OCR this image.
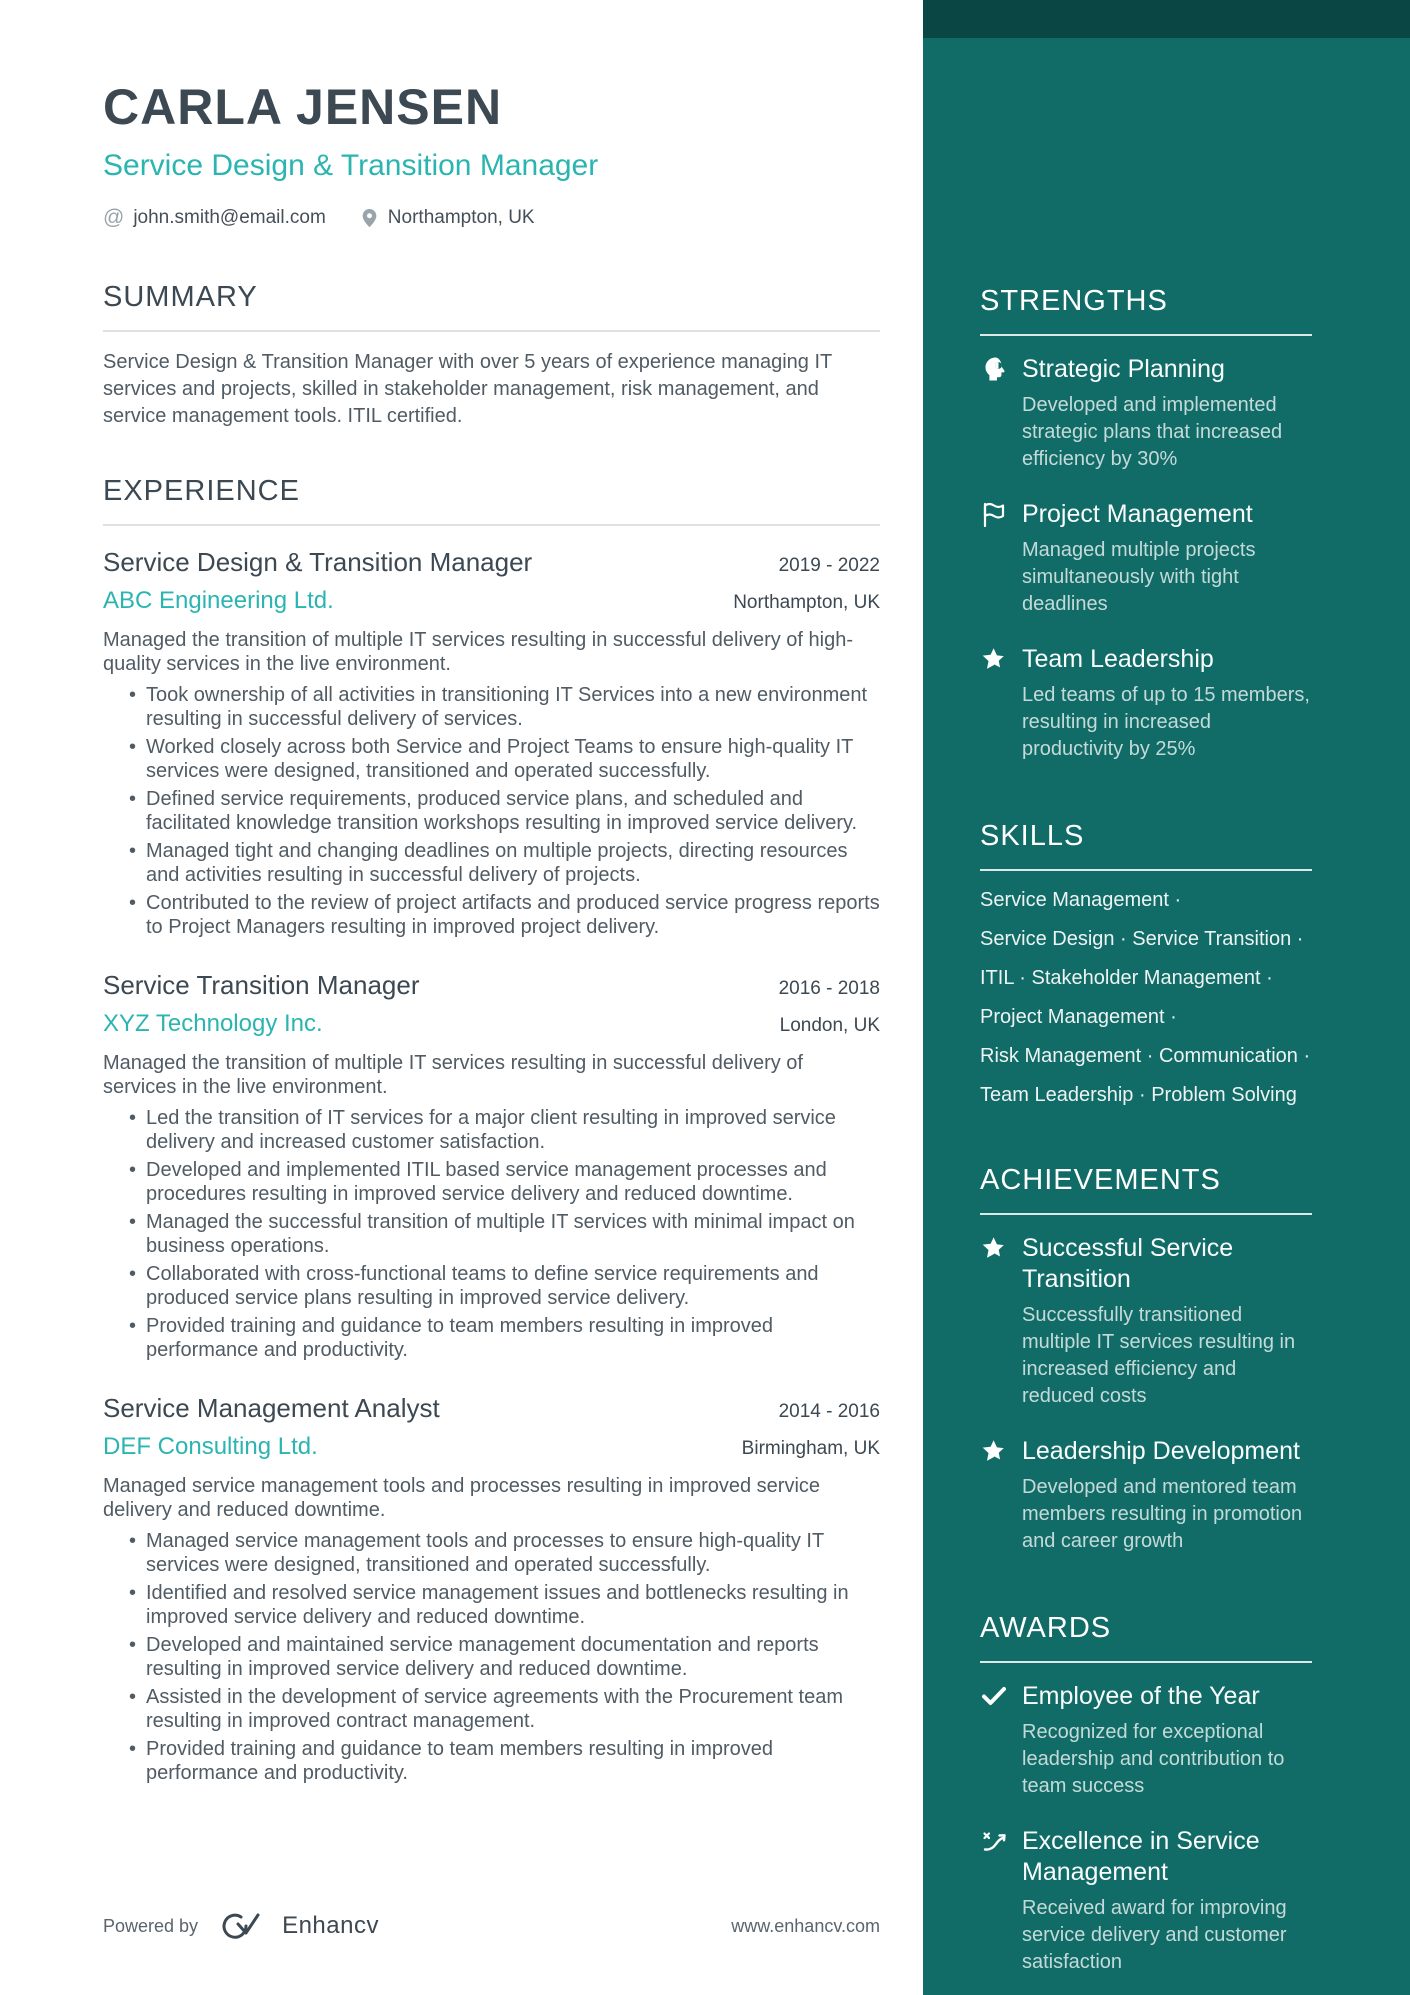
CARLA JENSEN
Service Design & Transition Manager
@ john.smith@email.com	Northampton, UK
SUMMARY

Service Design & Transition Manager with over 5 years of experience managing IT services and projects, skilled in stakeholder management, risk management, and service management tools. ITIL certified.

EXPERIENCE
Service Design & Transition Manager	2019 - 2022
ABC Engineering Ltd.	Northampton, UK

Managed the transition of multiple IT services resulting in successful delivery of high-quality services in the live environment.

• Took ownership of all activities in transitioning IT Services into a new environment resulting in successful delivery of services.
• Worked closely across both Service and Project Teams to ensure high-quality IT services were designed, transitioned and operated successfully.
• Defined service requirements, produced service plans, and scheduled and facilitated knowledge transition workshops resulting in improved service delivery.
• Managed tight and changing deadlines on multiple projects, directing resources and activities resulting in successful delivery of projects.
• Contributed to the review of project artifacts and produced service progress reports to Project Managers resulting in improved project delivery.
Service Transition Manager	2016 - 2018
XYZ Technology Inc.	London, UK

Managed the transition of multiple IT services resulting in successful delivery of services in the live environment.

• Led the transition of IT services for a major client resulting in improved service delivery and increased customer satisfaction.
• Developed and implemented ITIL based service management processes and procedures resulting in improved service delivery and reduced downtime.
• Managed the successful transition of multiple IT services with minimal impact on business operations.
• Collaborated with cross-functional teams to define service requirements and produced service plans resulting in improved service delivery.
• Provided training and guidance to team members resulting in improved performance and productivity.
Service Management Analyst	2014 - 2016
DEF Consulting Ltd.	Birmingham, UK

Managed service management tools and processes resulting in improved service delivery and reduced downtime.

• Managed service management tools and processes to ensure high-quality IT services were designed, transitioned and operated successfully.
• Identified and resolved service management issues and bottlenecks resulting in improved service delivery and reduced downtime.
• Developed and maintained service management documentation and reports resulting in improved service delivery and reduced downtime.
• Assisted in the development of service agreements with the Procurement team resulting in improved contract management.
• Provided training and guidance to team members resulting in improved performance and productivity.
Powered by	Enhancv	www.enhancv.com
STRENGTHS
Strategic Planning
Developed and implemented strategic plans that increased efficiency by 30%
Project Management
Managed multiple projects simultaneously with tight deadlines
Team Leadership
Led teams of up to 15 members, resulting in increased productivity by 25%
SKILLS
Service Management ·
Service Design · Service Transition ·
ITIL · Stakeholder Management ·
Project Management ·
Risk Management · Communication ·
Team Leadership · Problem Solving
ACHIEVEMENTS
Successful Service Transition
Successfully transitioned multiple IT services resulting in increased efficiency and reduced costs
Leadership Development
Developed and mentored team members resulting in promotion and career growth
AWARDS
Employee of the Year
Recognized for exceptional leadership and contribution to team success
Excellence in Service Management
Received award for improving service delivery and customer satisfaction
